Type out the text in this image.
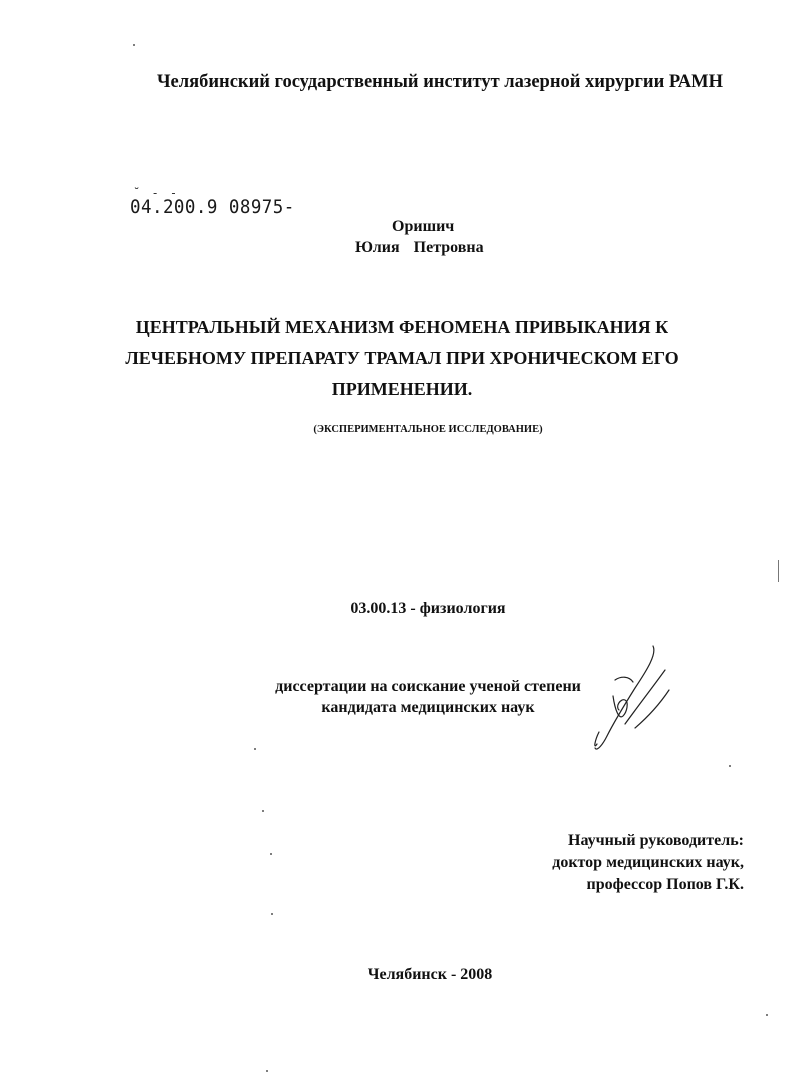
Челябинский государственный институт лазерной хирургии РАМН
˘ - -
04.200.9 08975-
Оришич
Юлия Петровна
ЦЕНТРАЛЬНЫЙ МЕХАНИЗМ ФЕНОМЕНА ПРИВЫКАНИЯ К
ЛЕЧЕБНОМУ ПРЕПАРАТУ ТРАМАЛ ПРИ ХРОНИЧЕСКОМ ЕГО
ПРИМЕНЕНИИ.
(ЭКСПЕРИМЕНТАЛЬНОЕ ИССЛЕДОВАНИЕ)
03.00.13 - физиология
диссертации на соискание ученой степени
кандидата медицинских наук
Научный руководитель:
доктор медицинских наук,
профессор Попов Г.К.
Челябинск - 2008
